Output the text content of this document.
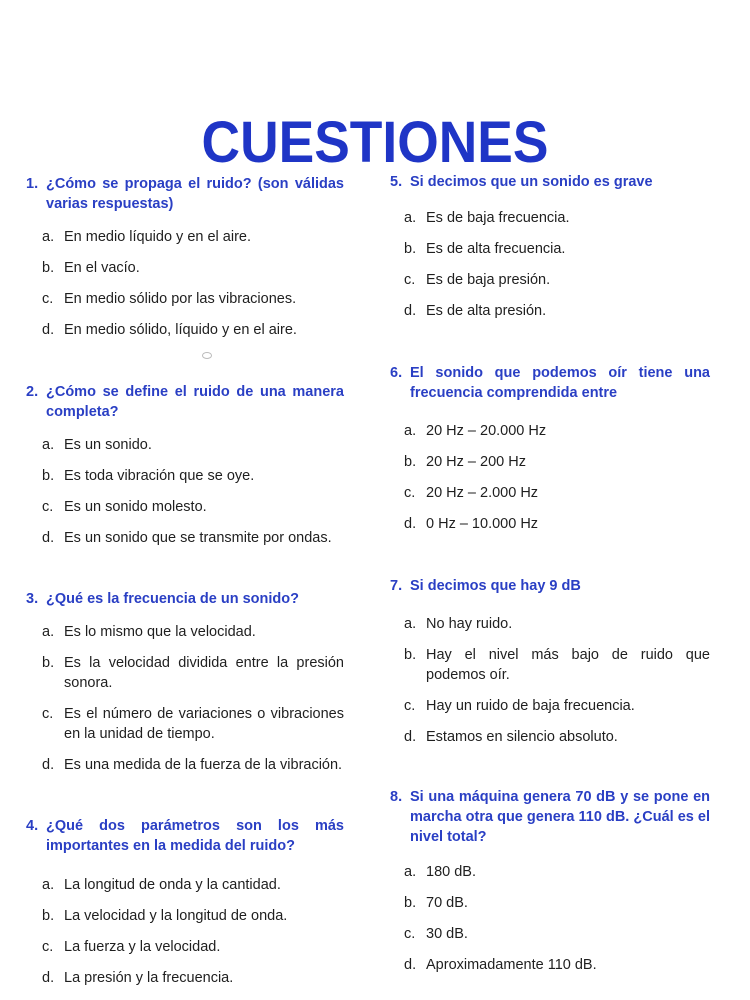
CUESTIONES
1. ¿Cómo se propaga el ruido? (son válidas varias respuestas)
a. En medio líquido y en el aire.
b. En el vacío.
c. En medio sólido por las vibraciones.
d. En medio sólido, líquido y en el aire.
2. ¿Cómo se define el ruido de una manera completa?
a. Es un sonido.
b. Es toda vibración que se oye.
c. Es un sonido molesto.
d. Es un sonido que se transmite por ondas.
3. ¿Qué es la frecuencia de un sonido?
a. Es lo mismo que la velocidad.
b. Es la velocidad dividida entre la presión sonora.
c. Es el número de variaciones o vibraciones en la unidad de tiempo.
d. Es una medida de la fuerza de la vibración.
4. ¿Qué dos parámetros son los más importantes en la medida del ruido?
a. La longitud de onda y la cantidad.
b. La velocidad y la longitud de onda.
c. La fuerza y la velocidad.
d. La presión y la frecuencia.
5. Si decimos que un sonido es grave
a. Es de baja frecuencia.
b. Es de alta frecuencia.
c. Es de baja presión.
d. Es de alta presión.
6. El sonido que podemos oír tiene una frecuencia comprendida entre
a. 20 Hz – 20.000 Hz
b. 20 Hz – 200 Hz
c. 20 Hz – 2.000 Hz
d. 0 Hz – 10.000 Hz
7. Si decimos que hay 9 dB
a. No hay ruido.
b. Hay el nivel más bajo de ruido que podemos oír.
c. Hay un ruido de baja frecuencia.
d. Estamos en silencio absoluto.
8. Si una máquina genera 70 dB y se pone en marcha otra que genera 110 dB. ¿Cuál es el nivel total?
a. 180 dB.
b. 70 dB.
c. 30 dB.
d. Aproximadamente 110 dB.
